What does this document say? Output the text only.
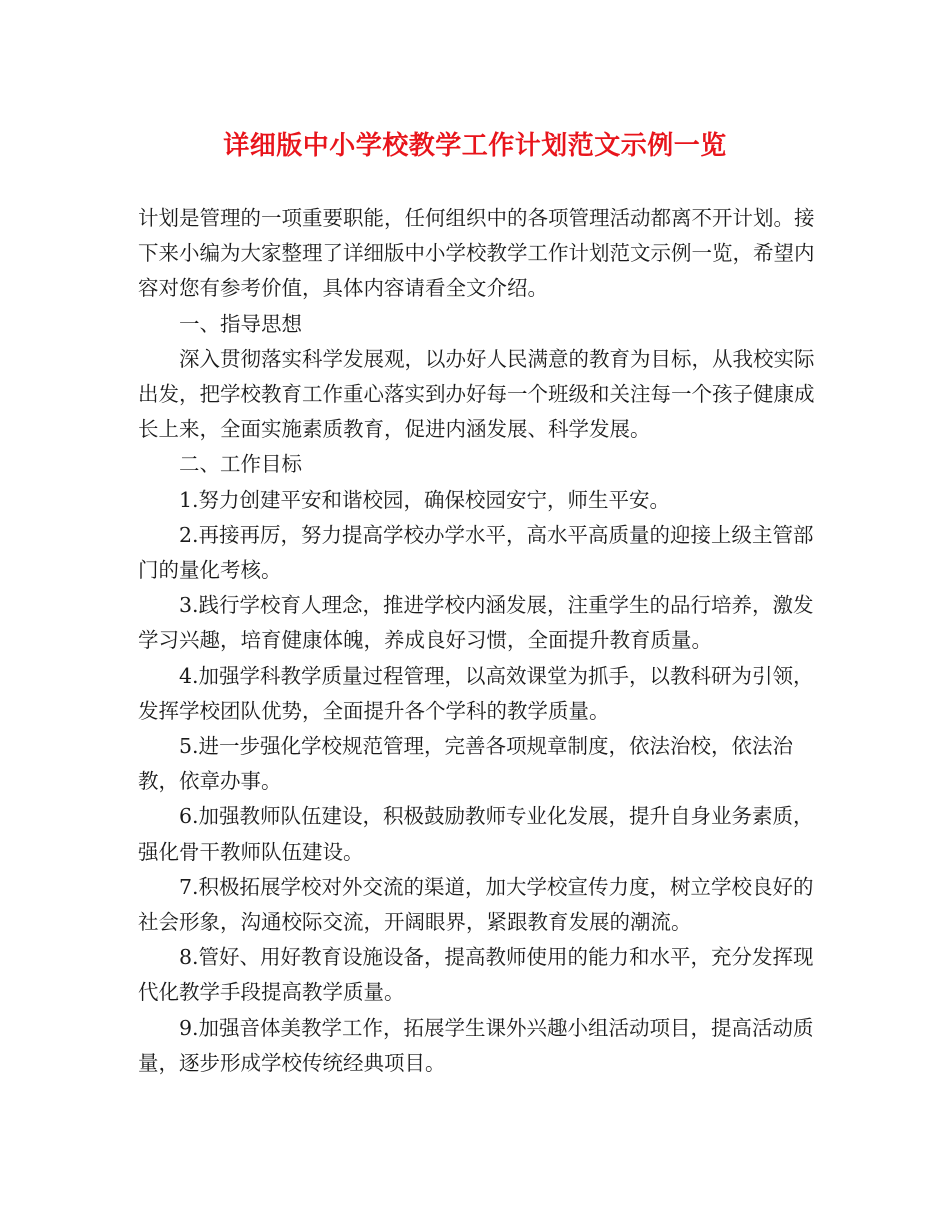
详细版中小学校教学工作计划范文示例一览

计划是管理的一项重要职能，任何组织中的各项管理活动都离不开计划。接下来小编为大家整理了详细版中小学校教学工作计划范文示例一览，希望内容对您有参考价值，具体内容请看全文介绍。

一、指导思想

深入贯彻落实科学发展观，以办好人民满意的教育为目标，从我校实际出发，把学校教育工作重心落实到办好每一个班级和关注每一个孩子健康成长上来，全面实施素质教育，促进内涵发展、科学发展。

二、工作目标

1.努力创建平安和谐校园，确保校园安宁，师生平安。

2.再接再厉，努力提高学校办学水平，高水平高质量的迎接上级主管部门的量化考核。

3.践行学校育人理念，推进学校内涵发展，注重学生的品行培养，激发学习兴趣，培育健康体魄，养成良好习惯，全面提升教育质量。

4.加强学科教学质量过程管理，以高效课堂为抓手，以教科研为引领，发挥学校团队优势，全面提升各个学科的教学质量。

5.进一步强化学校规范管理，完善各项规章制度，依法治校，依法治教，依章办事。

6.加强教师队伍建设，积极鼓励教师专业化发展，提升自身业务素质，强化骨干教师队伍建设。

7.积极拓展学校对外交流的渠道，加大学校宣传力度，树立学校良好的社会形象，沟通校际交流，开阔眼界，紧跟教育发展的潮流。

8.管好、用好教育设施设备，提高教师使用的能力和水平，充分发挥现代化教学手段提高教学质量。

9.加强音体美教学工作，拓展学生课外兴趣小组活动项目，提高活动质量，逐步形成学校传统经典项目。
